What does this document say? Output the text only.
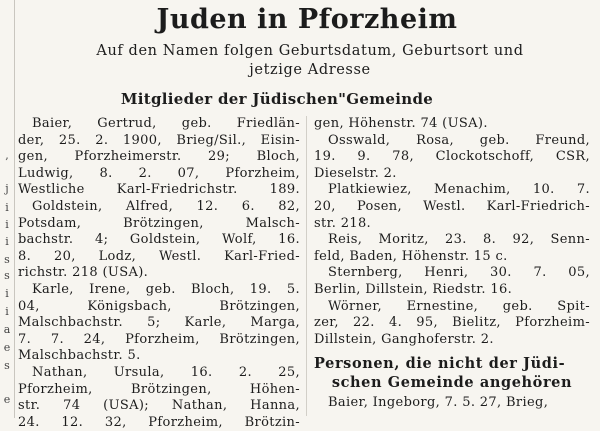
,
j
i
i
i
s
s
i
i
a
e
s
e
Juden in Pforzheim
Auf den Namen folgen Geburtsdatum, Geburtsort und
jetzige Adresse
Mitglieder der Jüdischen"Gemeinde
Baier, Gertrud, geb. Friedlän-
der, 25. 2. 1900, Brieg/Sil., Eisin-
gen, Pforzheimerstr. 29; Bloch,
Ludwig, 8. 2. 07, Pforzheim,
Westliche Karl-Friedrichstr. 189.
Goldstein, Alfred, 12. 6. 82,
Potsdam, Brötzingen, Malsch-
bachstr. 4; Goldstein, Wolf, 16.
8. 20, Lodz, Westl. Karl-Fried-
richstr. 218 (USA).
Karle, Irene, geb. Bloch, 19. 5.
04, Königsbach, Brötzingen,
Malschbachstr. 5; Karle, Marga,
7. 7. 24, Pforzheim, Brötzingen,
Malschbachstr. 5.
Nathan, Ursula, 16. 2. 25,
Pforzheim, Brötzingen, Höhen-
str. 74 (USA); Nathan, Hanna,
24. 12. 32, Pforzheim, Brötzin-
gen, Höhenstr. 74 (USA).
Osswald, Rosa, geb. Freund,
19. 9. 78, Clockotschoff, CSR,
Dieselstr. 2.
Platkiewiez, Menachim, 10. 7.
20, Posen, Westl. Karl-Friedrich-
str. 218.
Reis, Moritz, 23. 8. 92, Senn-
feld, Baden, Höhenstr. 15 c.
Sternberg, Henri, 30. 7. 05,
Berlin, Dillstein, Riedstr. 16.
Wörner, Ernestine, geb. Spit-
zer, 22. 4. 95, Bielitz, Pforzheim-
Dillstein, Ganghoferstr. 2.
Personen, die nicht der Jüdi-
schen Gemeinde angehören
Baier, Ingeborg, 7. 5. 27, Brieg,
